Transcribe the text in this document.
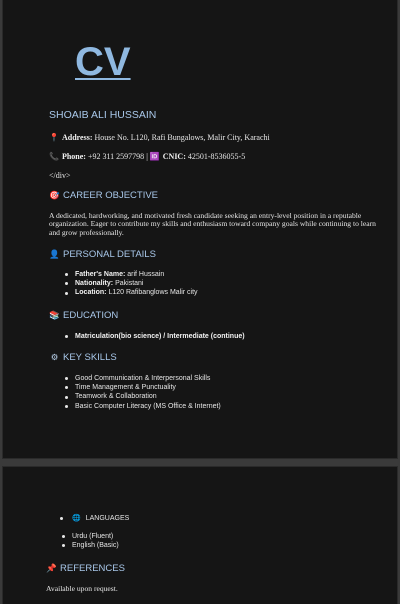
CV
SHOAIB ALI HUSSAIN
📍 Address: House No. L120, Rafi Bungalows, Malir City, Karachi
📞 Phone: +92 311 2597798 | 🆔 CNIC: 42501-8536055-5
</div>
🎯 CAREER OBJECTIVE
A dedicated, hardworking, and motivated fresh candidate seeking an entry-level position in a reputable organization. Eager to contribute my skills and enthusiasm toward company goals while continuing to learn and grow professionally.
👤 PERSONAL DETAILS
Father's Name: arif Hussain
Nationality: Pakistani
Location: L120 Rafibanglows Malir city
📚 EDUCATION
Matriculation(bio science) / Intermediate (continue)
⚙ KEY SKILLS
Good Communication & Interpersonal Skills
Time Management & Punctuality
Teamwork & Collaboration
Basic Computer Literacy (MS Office & Internet)
🌐 LANGUAGES
Urdu (Fluent)
English (Basic)
📌 REFERENCES
Available upon request.
